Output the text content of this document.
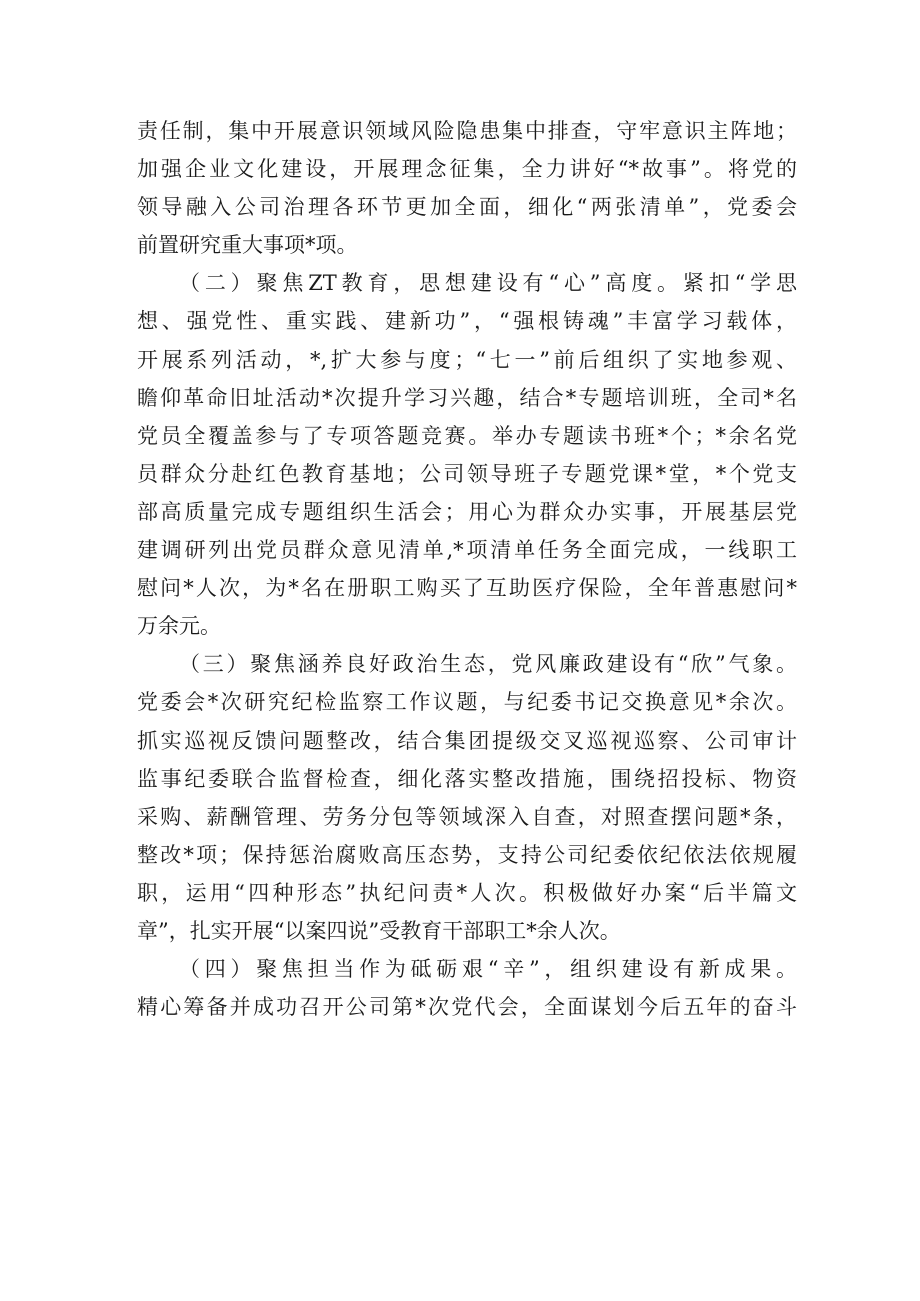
责任制，集中开展意识领域风险隐患集中排查，守牢意识主阵地；
加强企业文化建设，开展理念征集，全力讲好“*故事”。将党的
领导融入公司治理各环节更加全面，细化“两张清单”，党委会
前置研究重大事项*项。
（二）聚焦ZT教育，思想建设有“心”高度。紧扣“学思
想、强党性、重实践、建新功”，“强根铸魂”丰富学习载体，
开展系列活动，*,扩大参与度；“七一”前后组织了实地参观、
瞻仰革命旧址活动*次提升学习兴趣，结合*专题培训班，全司*名
党员全覆盖参与了专项答题竞赛。举办专题读书班*个；*余名党
员群众分赴红色教育基地；公司领导班子专题党课*堂，*个党支
部高质量完成专题组织生活会；用心为群众办实事，开展基层党
建调研列出党员群众意见清单,*项清单任务全面完成，一线职工
慰问*人次，为*名在册职工购买了互助医疗保险，全年普惠慰问*
万余元。
（三）聚焦涵养良好政治生态，党风廉政建设有“欣”气象。
党委会*次研究纪检监察工作议题，与纪委书记交换意见*余次。
抓实巡视反馈问题整改，结合集团提级交叉巡视巡察、公司审计
监事纪委联合监督检查，细化落实整改措施，围绕招投标、物资
采购、薪酬管理、劳务分包等领域深入自查，对照查摆问题*条，
整改*项；保持惩治腐败高压态势，支持公司纪委依纪依法依规履
职，运用“四种形态”执纪问责*人次。积极做好办案“后半篇文
章”，扎实开展“以案四说”受教育干部职工*余人次。
（四）聚焦担当作为砥砺艰“辛”，组织建设有新成果。
精心筹备并成功召开公司第*次党代会，全面谋划今后五年的奋斗
